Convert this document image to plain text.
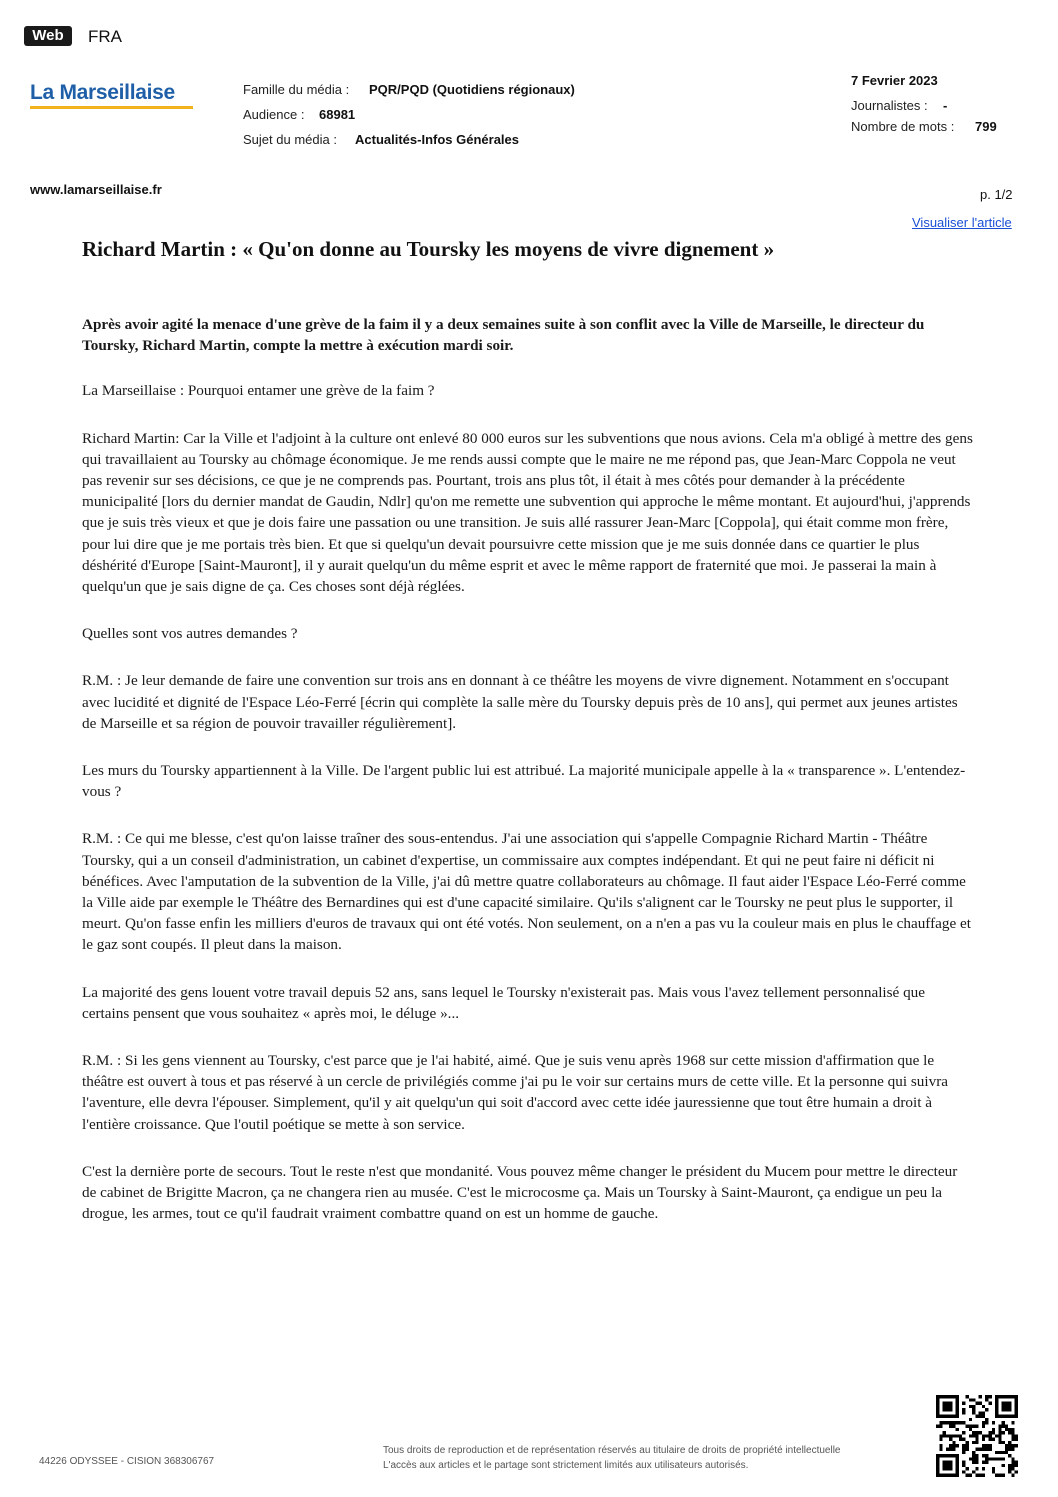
Web	FRA
La Marseillaise	Famille du média : PQR/PQD (Quotidiens régionaux)
Audience : 68981
Sujet du média : Actualités-Infos Générales
7 Fevrier 2023
Journalistes : -
Nombre de mots : 799
www.lamarseillaise.fr	p. 1/2
Visualiser l'article
Richard Martin : « Qu'on donne au Toursky les moyens de vivre dignement »

Après avoir agité la menace d'une grève de la faim il y a deux semaines suite à son conflit avec la Ville de Marseille, le directeur du Toursky, Richard Martin, compte la mettre à exécution mardi soir.

La Marseillaise : Pourquoi entamer une grève de la faim ?

Richard Martin: Car la Ville et l'adjoint à la culture ont enlevé 80 000 euros sur les subventions que nous avions. Cela m'a obligé à mettre des gens qui travaillaient au Toursky au chômage économique. Je me rends aussi compte que le maire ne me répond pas, que Jean-Marc Coppola ne veut pas revenir sur ses décisions, ce que je ne comprends pas. Pourtant, trois ans plus tôt, il était à mes côtés pour demander à la précédente municipalité [lors du dernier mandat de Gaudin, Ndlr] qu'on me remette une subvention qui approche le même montant. Et aujourd'hui, j'apprends que je suis très vieux et que je dois faire une passation ou une transition. Je suis allé rassurer Jean-Marc [Coppola], qui était comme mon frère, pour lui dire que je me portais très bien. Et que si quelqu'un devait poursuivre cette mission que je me suis donnée dans ce quartier le plus déshérité d'Europe [Saint-Mauront], il y aurait quelqu'un du même esprit et avec le même rapport de fraternité que moi. Je passerai la main à quelqu'un que je sais digne de ça. Ces choses sont déjà réglées.

Quelles sont vos autres demandes ?

R.M. : Je leur demande de faire une convention sur trois ans en donnant à ce théâtre les moyens de vivre dignement. Notamment en s'occupant avec lucidité et dignité de l'Espace Léo-Ferré [écrin qui complète la salle mère du Toursky depuis près de 10 ans], qui permet aux jeunes artistes de Marseille et sa région de pouvoir travailler régulièrement].

Les murs du Toursky appartiennent à la Ville. De l'argent public lui est attribué. La majorité municipale appelle à la « transparence ». L'entendez-vous ?

R.M. : Ce qui me blesse, c'est qu'on laisse traîner des sous-entendus. J'ai une association qui s'appelle Compagnie Richard Martin - Théâtre Toursky, qui a un conseil d'administration, un cabinet d'expertise, un commissaire aux comptes indépendant. Et qui ne peut faire ni déficit ni bénéfices. Avec l'amputation de la subvention de la Ville, j'ai dû mettre quatre collaborateurs au chômage. Il faut aider l'Espace Léo-Ferré comme la Ville aide par exemple le Théâtre des Bernardines qui est d'une capacité similaire. Qu'ils s'alignent car le Toursky ne peut plus le supporter, il meurt. Qu'on fasse enfin les milliers d'euros de travaux qui ont été votés. Non seulement, on a n'en a pas vu la couleur mais en plus le chauffage et le gaz sont coupés. Il pleut dans la maison.

La majorité des gens louent votre travail depuis 52 ans, sans lequel le Toursky n'existerait pas. Mais vous l'avez tellement personnalisé que certains pensent que vous souhaitez « après moi, le déluge »...

R.M. : Si les gens viennent au Toursky, c'est parce que je l'ai habité, aimé. Que je suis venu après 1968 sur cette mission d'affirmation que le théâtre est ouvert à tous et pas réservé à un cercle de privilégiés comme j'ai pu le voir sur certains murs de cette ville. Et la personne qui suivra l'aventure, elle devra l'épouser. Simplement, qu'il y ait quelqu'un qui soit d'accord avec cette idée jauressienne que tout être humain a droit à l'entière croissance. Que l'outil poétique se mette à son service.

C'est la dernière porte de secours. Tout le reste n'est que mondanité. Vous pouvez même changer le président du Mucem pour mettre le directeur de cabinet de Brigitte Macron, ça ne changera rien au musée. C'est le microcosme ça. Mais un Toursky à Saint-Mauront, ça endigue un peu la drogue, les armes, tout ce qu'il faudrait vraiment combattre quand on est un homme de gauche.

44226 ODYSSEE - CISION 368306767
Tous droits de reproduction et de représentation réservés au titulaire de droits de propriété intellectuelle
L'accès aux articles et le partage sont strictement limités aux utilisateurs autorisés.
